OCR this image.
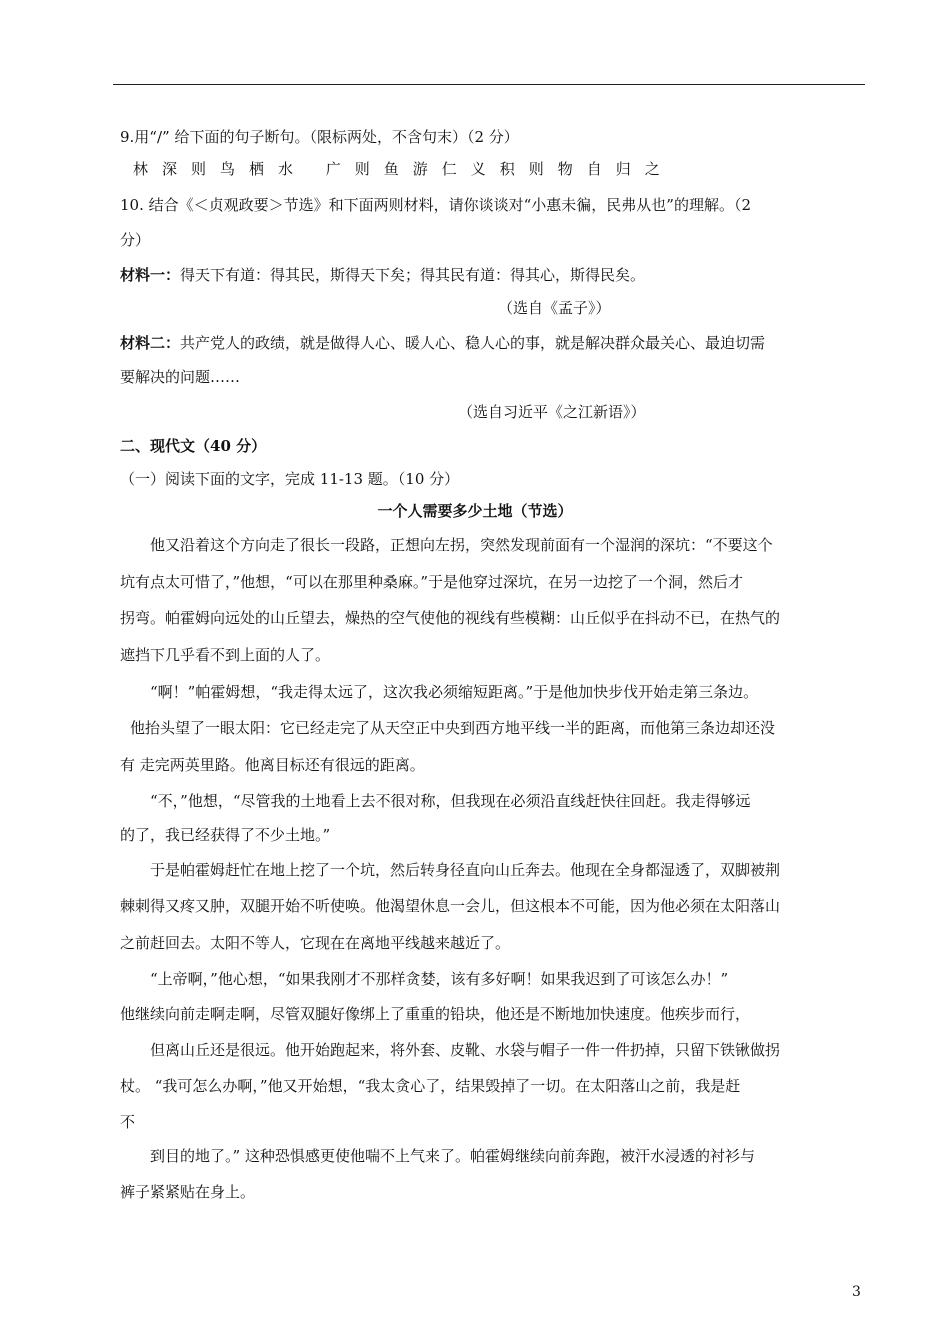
9.用“/” 给下面的句子断句。（限标两处，不含句末）（2 分）
林深则鸟栖水 广则鱼游仁义积则物自归之
10. 结合《＜贞观政要＞节选》和下面两则材料，请你谈谈对“小惠未徧，民弗从也”的理解。（2
分）
材料一：得天下有道：得其民，斯得天下矣；得其民有道：得其心，斯得民矣。
（选自《孟子》）
材料二：共产党人的政绩，就是做得人心、暖人心、稳人心的事，就是解决群众最关心、最迫切需
要解决的问题……
（选自习近平《之江新语》）
二、现代文（40 分）
（一）阅读下面的文字，完成 11-13 题。（10 分）
一个人需要多少土地（节选）
他又沿着这个方向走了很长一段路，正想向左拐，突然发现前面有一个湿润的深坑：“不要这个
坑有点太可惜了，”他想，“可以在那里种桑麻。”于是他穿过深坑，在另一边挖了一个洞，然后才
拐弯。帕霍姆向远处的山丘望去，燥热的空气使他的视线有些模糊：山丘似乎在抖动不已，在热气的
遮挡下几乎看不到上面的人了。
“啊！”帕霍姆想，“我走得太远了，这次我必须缩短距离。”于是他加快步伐开始走第三条边。
他抬头望了一眼太阳：它已经走完了从天空正中央到西方地平线一半的距离，而他第三条边却还没
有 走完两英里路。他离目标还有很远的距离。
“不，”他想，“尽管我的土地看上去不很对称，但我现在必须沿直线赶快往回赶。我走得够远
的了，我已经获得了不少土地。”
于是帕霍姆赶忙在地上挖了一个坑，然后转身径直向山丘奔去。他现在全身都湿透了，双脚被荆
棘刺得又疼又肿，双腿开始不听使唤。他渴望休息一会儿，但这根本不可能，因为他必须在太阳落山
之前赶回去。太阳不等人，它现在在离地平线越来越近了。
“上帝啊，”他心想，“如果我刚才不那样贪婪，该有多好啊！如果我迟到了可该怎么办！”
他继续向前走啊走啊，尽管双腿好像绑上了重重的铅块，他还是不断地加快速度。他疾步而行，
但离山丘还是很远。他开始跑起来，将外套、皮靴、水袋与帽子一件一件扔掉，只留下铁锹做拐
杖。 “我可怎么办啊，”他又开始想，“我太贪心了，结果毁掉了一切。在太阳落山之前，我是赶
不
到目的地了。” 这种恐惧感更使他喘不上气来了。帕霍姆继续向前奔跑，被汗水浸透的衬衫与
裤子紧紧贴在身上。
3
